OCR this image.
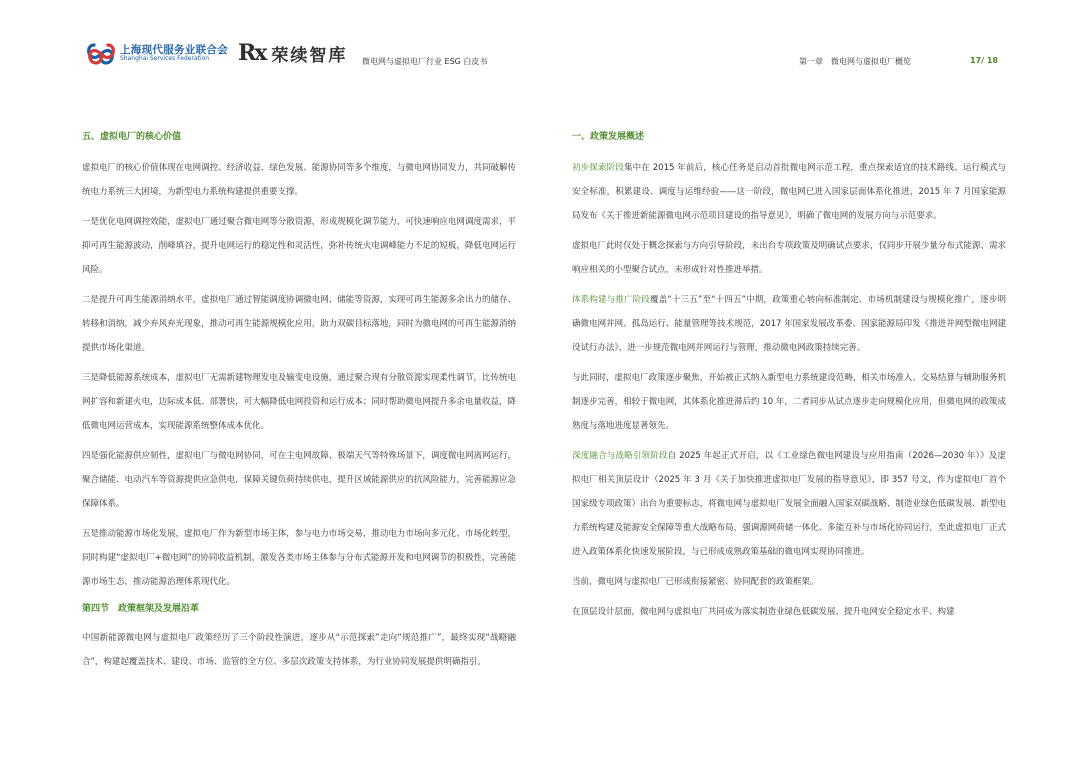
上海现代服务业联合会
Shanghai Services Federation	Rx 荣续智库 微电网与虚拟电厂行业 ESG 白皮书	第一章　微电网与虚拟电厂概览	17/ 18
五、虚拟电厂的核心价值

虚拟电厂的核心价值体现在电网调控、经济收益、绿色发展、能源协同等多个维度，与微电网协同发力，共同破解传统电力系统三大困境，为新型电力系统构建提供重要支撑。

一是优化电网调控效能，虚拟电厂通过聚合微电网等分散资源，形成规模化调节能力，可快速响应电网调度需求，平抑可再生能源波动，削峰填谷，提升电网运行的稳定性和灵活性，弥补传统火电调峰能力不足的短板，降低电网运行风险。

二是提升可再生能源消纳水平，虚拟电厂通过智能调度协调微电网、储能等资源，实现可再生能源多余出力的储存、转移和消纳，减少弃风弃光现象，推动可再生能源规模化应用，助力双碳目标落地，同时为微电网的可再生能源消纳提供市场化渠道。

三是降低能源系统成本，虚拟电厂无需新建物理发电及输变电设施，通过聚合现有分散资源实现柔性调节，比传统电网扩容和新建火电，边际成本低、部署快，可大幅降低电网投资和运行成本；同时帮助微电网提升多余电量收益，降低微电网运营成本，实现能源系统整体成本优化。

四是强化能源供应韧性，虚拟电厂与微电网协同，可在主电网故障、极端天气等特殊场景下，调度微电网离网运行，聚合储能、电动汽车等资源提供应急供电，保障关键负荷持续供电，提升区域能源供应的抗风险能力，完善能源应急保障体系。

五是推动能源市场化发展，虚拟电厂作为新型市场主体，参与电力市场交易，推动电力市场向多元化、市场化转型，同时构建“虚拟电厂+微电网”的协同收益机制，激发各类市场主体参与分布式能源开发和电网调节的积极性，完善能源市场生态，推动能源治理体系现代化。

第四节　政策框架及发展沿革

中国新能源微电网与虚拟电厂政策经历了三个阶段性演进，逐步从“示范探索”走向“规范推广”，最终实现“战略融合”，构建起覆盖技术、建设、市场、监管的全方位、多层次政策支持体系，为行业协同发展提供明确指引。

一、政策发展概述

初步探索阶段集中在 2015 年前后，核心任务是启动首批微电网示范工程，重点探索适宜的技术路线、运行模式与安全标准，积累建设、调度与运维经验——这一阶段，微电网已进入国家层面体系化推进，2015 年 7 月国家能源局发布《关于推进新能源微电网示范项目建设的指导意见》，明确了微电网的发展方向与示范要求。

虚拟电厂此时仅处于概念探索与方向引导阶段，未出台专项政策及明确试点要求，仅同步开展少量分布式能源、需求响应相关的小型聚合试点，未形成针对性推进举措。

体系构建与推广阶段覆盖“十三五”至“十四五”中期，政策重心转向标准制定、市场机制建设与规模化推广，逐步明确微电网并网、孤岛运行、能量管理等技术规范，2017 年国家发展改革委、国家能源局印发《推进并网型微电网建设试行办法》，进一步规范微电网并网运行与管理，推动微电网政策持续完善。

与此同时，虚拟电厂政策逐步聚焦，开始被正式纳入新型电力系统建设范畴，相关市场准入、交易结算与辅助服务机制逐步完善，相较于微电网，其体系化推进滞后约 10 年，二者同步从试点逐步走向规模化应用，但微电网的政策成熟度与落地进度显著领先。

深度融合与战略引领阶段自 2025 年起正式开启，以《工业绿色微电网建设与应用指南（2026—2030 年）》及虚拟电厂相关顶层设计（2025 年 3 月《关于加快推进虚拟电厂发展的指导意见》，即 357 号文，作为虚拟电厂首个国家级专项政策）出台为重要标志，将微电网与虚拟电厂发展全面融入国家双碳战略、制造业绿色低碳发展、新型电力系统构建及能源安全保障等重大战略布局，强调源网荷储一体化、多能互补与市场化协同运行，至此虚拟电厂正式进入政策体系化快速发展阶段，与已形成成熟政策基础的微电网实现协同推进。

当前，微电网与虚拟电厂已形成衔接紧密、协同配套的政策框架。

在顶层设计层面，微电网与虚拟电厂共同成为落实制造业绿色低碳发展、提升电网安全稳定水平、构建
